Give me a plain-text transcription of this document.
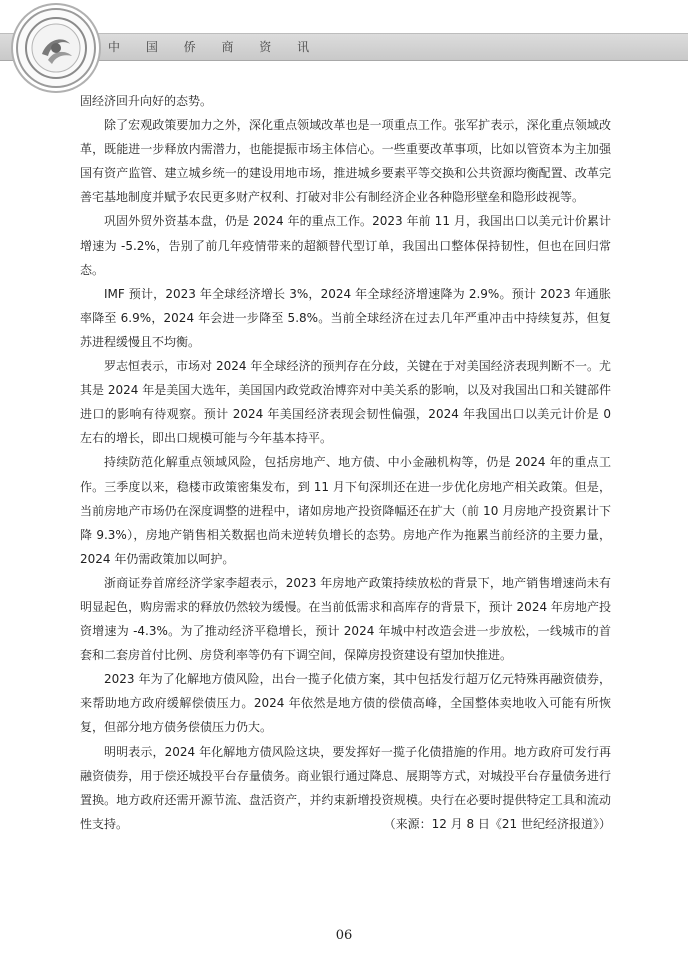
中 国 侨 商 资 讯

固经济回升向好的态势。

除了宏观政策要加力之外，深化重点领域改革也是一项重点工作。张军扩表示，深化重点领域改革，既能进一步释放内需潜力，也能提振市场主体信心。一些重要改革事项，比如以管资本为主加强国有资产监管、建立城乡统一的建设用地市场，推进城乡要素平等交换和公共资源均衡配置、改革完善宅基地制度并赋予农民更多财产权利、打破对非公有制经济企业各种隐形壁垒和隐形歧视等。

巩固外贸外资基本盘，仍是 2024 年的重点工作。2023 年前 11 月，我国出口以美元计价累计增速为 -5.2%，告别了前几年疫情带来的超额替代型订单，我国出口整体保持韧性，但也在回归常态。

IMF 预计，2023 年全球经济增长 3%，2024 年全球经济增速降为 2.9%。预计 2023 年通胀率降至 6.9%，2024 年会进一步降至 5.8%。当前全球经济在过去几年严重冲击中持续复苏，但复苏进程缓慢且不均衡。

罗志恒表示，市场对 2024 年全球经济的预判存在分歧，关键在于对美国经济表现判断不一。尤其是 2024 年是美国大选年，美国国内政党政治博弈对中美关系的影响，以及对我国出口和关键部件进口的影响有待观察。预计 2024 年美国经济表现会韧性偏强，2024 年我国出口以美元计价是 0 左右的增长，即出口规模可能与今年基本持平。

持续防范化解重点领域风险，包括房地产、地方债、中小金融机构等，仍是 2024 年的重点工作。三季度以来，稳楼市政策密集发布，到 11 月下旬深圳还在进一步优化房地产相关政策。但是，当前房地产市场仍在深度调整的进程中，诸如房地产投资降幅还在扩大（前 10 月房地产投资累计下降 9.3%），房地产销售相关数据也尚未逆转负增长的态势。房地产作为拖累当前经济的主要力量，2024 年仍需政策加以呵护。

浙商证券首席经济学家李超表示，2023 年房地产政策持续放松的背景下，地产销售增速尚未有明显起色，购房需求的释放仍然较为缓慢。在当前低需求和高库存的背景下，预计 2024 年房地产投资增速为 -4.3%。为了推动经济平稳增长，预计 2024 年城中村改造会进一步放松，一线城市的首套和二套房首付比例、房贷利率等仍有下调空间，保障房投资建设有望加快推进。

2023 年为了化解地方债风险，出台一揽子化债方案，其中包括发行超万亿元特殊再融资债券，来帮助地方政府缓解偿债压力。2024 年依然是地方债的偿债高峰，全国整体卖地收入可能有所恢复，但部分地方债务偿债压力仍大。

明明表示，2024 年化解地方债风险这块，要发挥好一揽子化债措施的作用。地方政府可发行再融资债券，用于偿还城投平台存量债务。商业银行通过降息、展期等方式，对城投平台存量债务进行置换。地方政府还需开源节流、盘活资产，并约束新增投资规模。央行在必要时提供特定工具和流动性支持。	（来源：12 月 8 日《21 世纪经济报道》）

06
